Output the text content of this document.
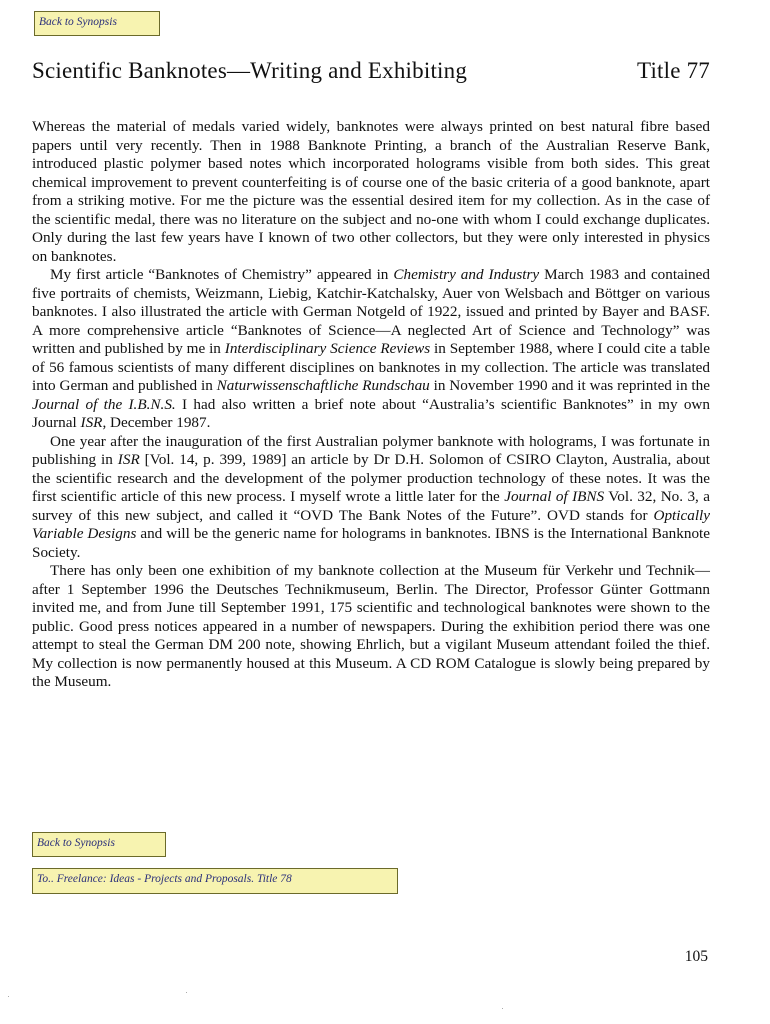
Back to Synopsis
Scientific Banknotes—Writing and Exhibiting	Title 77

Whereas the material of medals varied widely, banknotes were always printed on best natural fibre based papers until very recently. Then in 1988 Banknote Printing, a branch of the Australian Reserve Bank, introduced plastic polymer based notes which incorporated holograms visible from both sides. This great chemical improvement to prevent counterfeiting is of course one of the basic criteria of a good banknote, apart from a striking motive. For me the picture was the essential desired item for my collection. As in the case of the scientific medal, there was no literature on the subject and no-one with whom I could exchange duplicates. Only during the last few years have I known of two other collectors, but they were only interested in physics on banknotes.

My first article “Banknotes of Chemistry” appeared in Chemistry and Industry March 1983 and contained five portraits of chemists, Weizmann, Liebig, Katchir-Katchalsky, Auer von Welsbach and Böttger on various banknotes. I also illustrated the article with German Notgeld of 1922, issued and printed by Bayer and BASF. A more comprehensive article “Banknotes of Science—A neglected Art of Science and Technology” was written and published by me in Interdisciplinary Science Reviews in September 1988, where I could cite a table of 56 famous scientists of many different disciplines on banknotes in my collection. The article was translated into German and published in Naturwissenschaftliche Rundschau in November 1990 and it was reprinted in the Journal of the I.B.N.S. I had also written a brief note about “Australia’s scientific Banknotes” in my own Journal ISR, December 1987.

One year after the inauguration of the first Australian polymer banknote with holograms, I was fortunate in publishing in ISR [Vol. 14, p. 399, 1989] an article by Dr D.H. Solomon of CSIRO Clayton, Australia, about the scientific research and the development of the polymer production technology of these notes. It was the first scientific article of this new process. I myself wrote a little later for the Journal of IBNS Vol. 32, No. 3, a survey of this new subject, and called it “OVD The Bank Notes of the Future”. OVD stands for Optically Variable Designs and will be the generic name for holograms in banknotes. IBNS is the International Banknote Society.

There has only been one exhibition of my banknote collection at the Museum für Verkehr und Technik—after 1 September 1996 the Deutsches Technikmuseum, Berlin. The Director, Professor Günter Gottmann invited me, and from June till September 1991, 175 scientific and technological banknotes were shown to the public. Good press notices appeared in a number of newspapers. During the exhibition period there was one attempt to steal the German DM 200 note, showing Ehrlich, but a vigilant Museum attendant foiled the thief. My collection is now permanently housed at this Museum. A CD ROM Catalogue is slowly being prepared by the Museum.

Back to Synopsis
To.. Freelance: Ideas - Projects and Proposals. Title 78
105
